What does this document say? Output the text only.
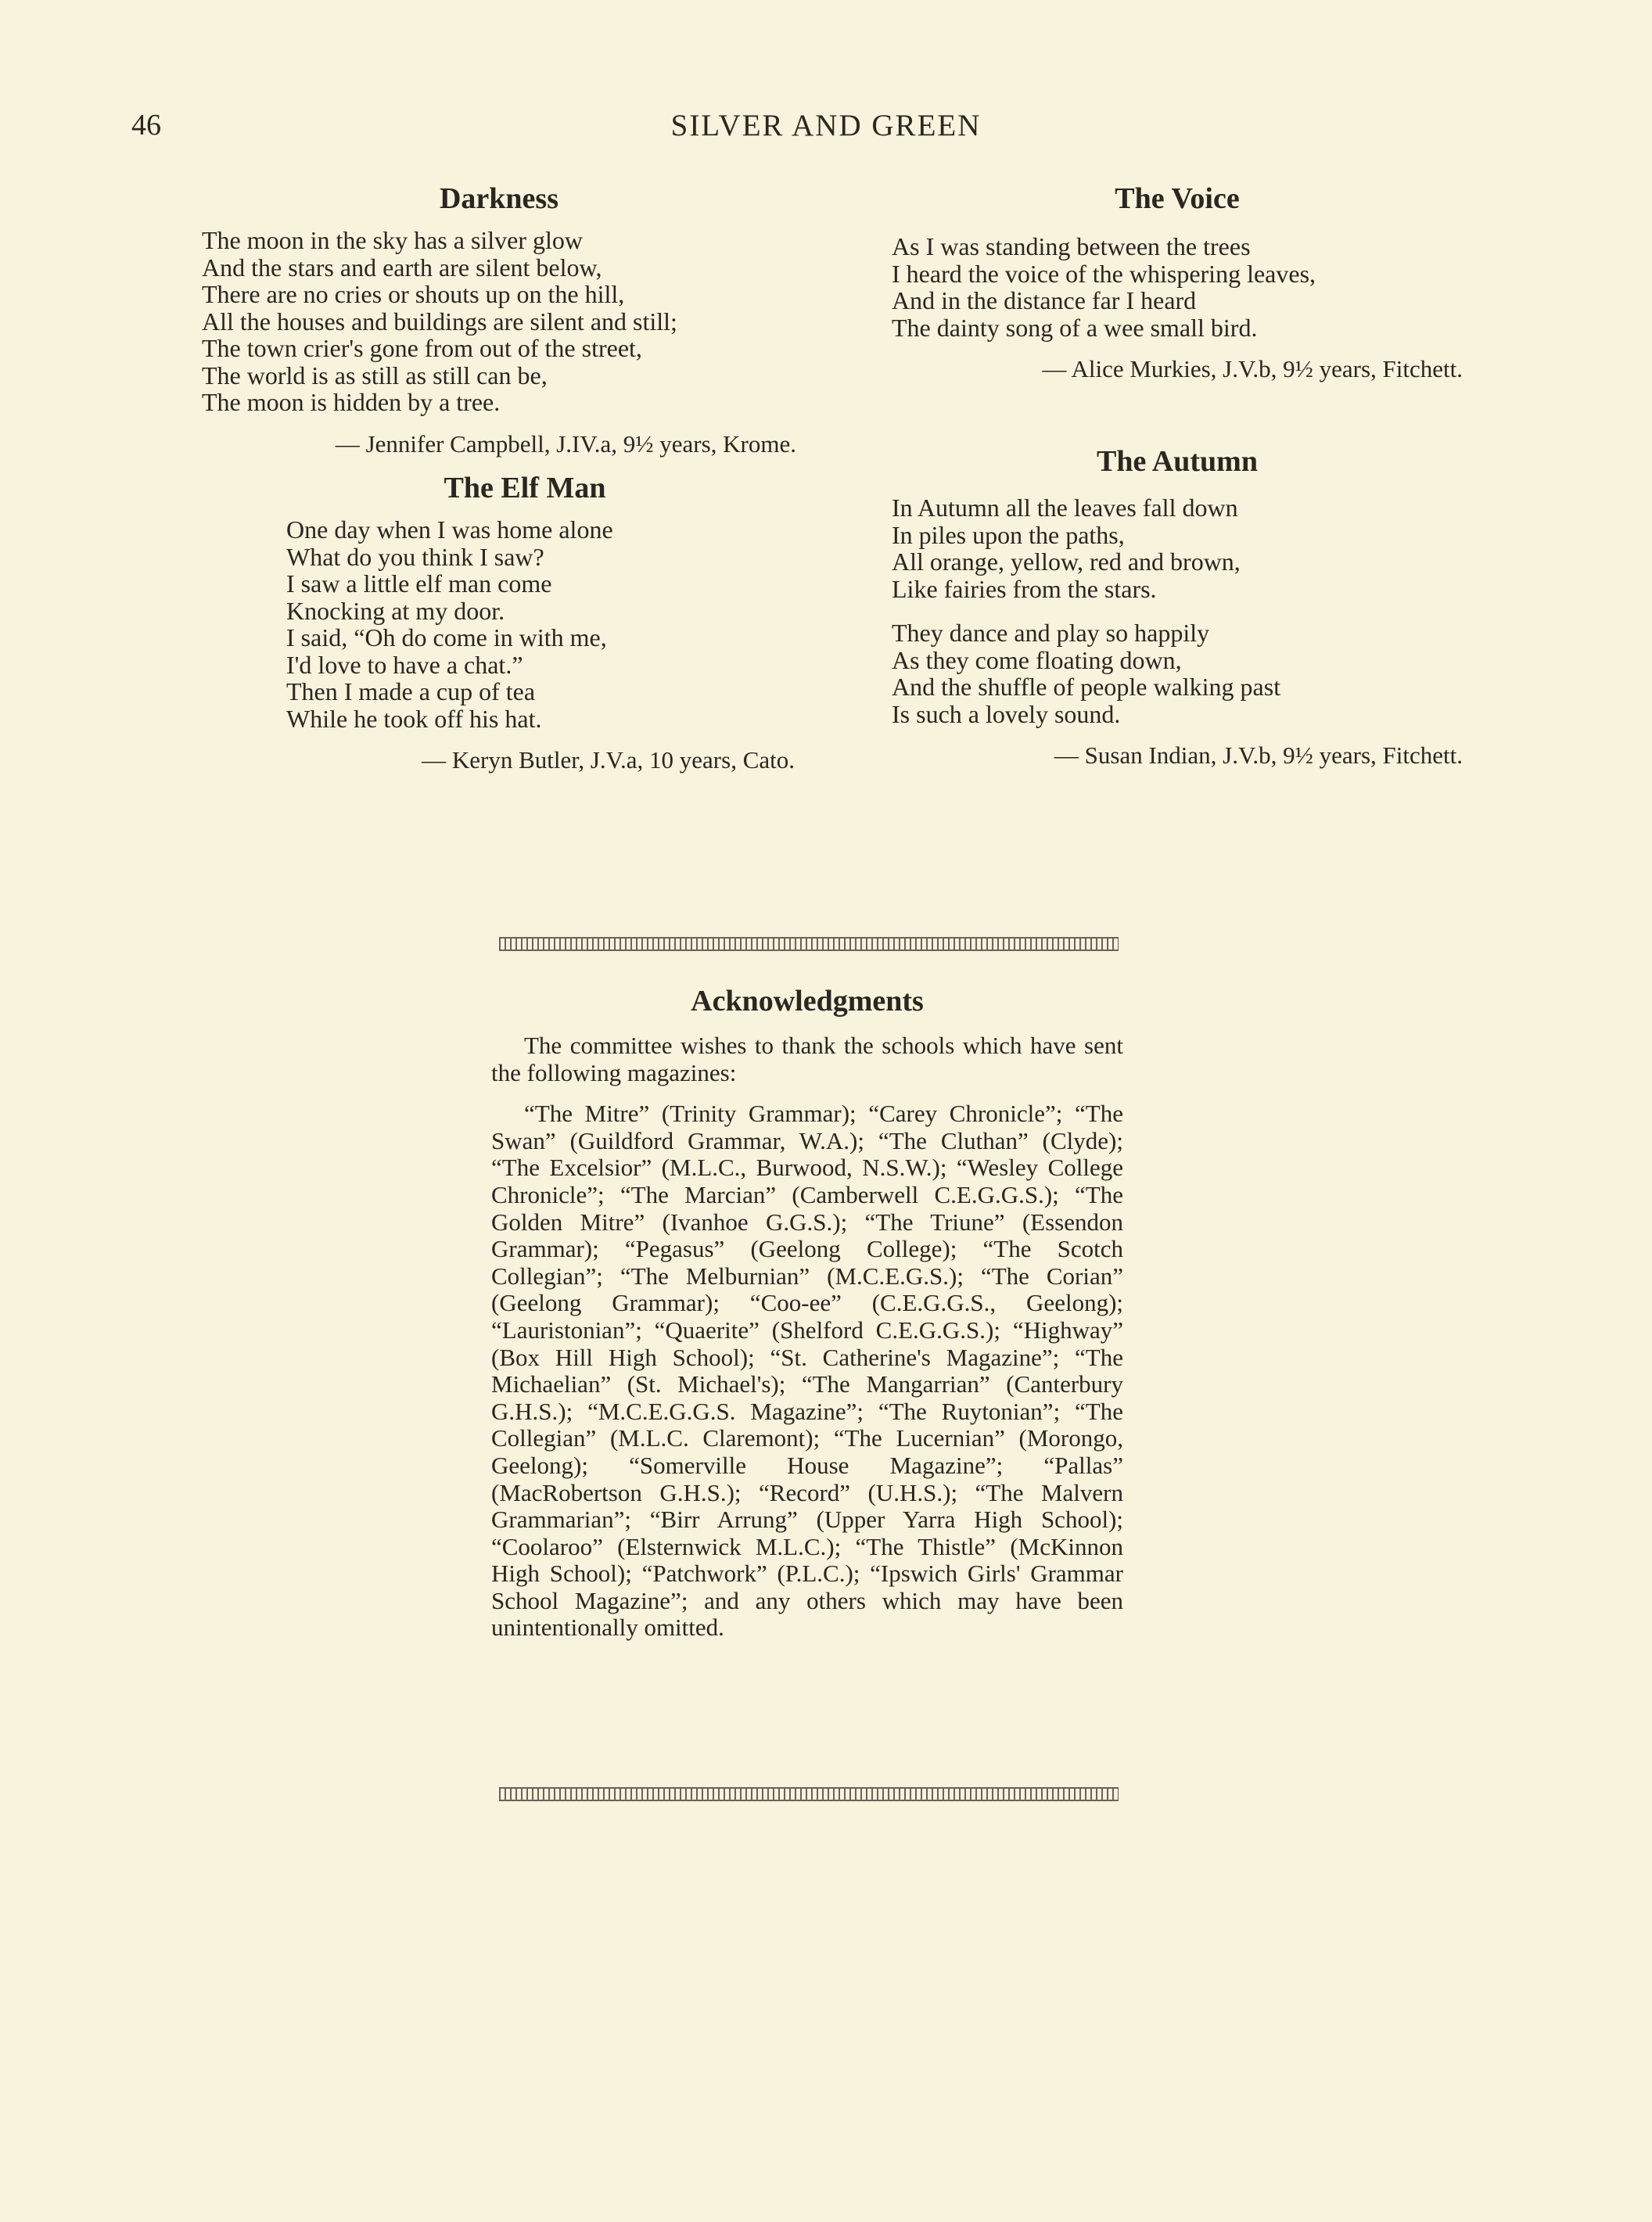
46	SILVER AND GREEN
Darkness
The moon in the sky has a silver glow
And the stars and earth are silent below,
There are no cries or shouts up on the hill,
All the houses and buildings are silent and still;
The town crier's gone from out of the street,
The world is as still as still can be,
The moon is hidden by a tree.
— Jennifer Campbell, J.IV.a, 9½ years, Krome.
The Elf Man
One day when I was home alone
What do you think I saw?
I saw a little elf man come
Knocking at my door.
I said, “Oh do come in with me,
I'd love to have a chat.”
Then I made a cup of tea
While he took off his hat.
— Keryn Butler, J.V.a, 10 years, Cato.
The Voice
As I was standing between the trees
I heard the voice of the whispering leaves,
And in the distance far I heard
The dainty song of a wee small bird.
— Alice Murkies, J.V.b, 9½ years, Fitchett.
The Autumn
In Autumn all the leaves fall down
In piles upon the paths,
All orange, yellow, red and brown,
Like fairies from the stars.
They dance and play so happily
As they come floating down,
And the shuffle of people walking past
Is such a lovely sound.
— Susan Indian, J.V.b, 9½ years, Fitchett.
Acknowledgments

The committee wishes to thank the schools which have sent the following magazines:

“The Mitre” (Trinity Grammar); “Carey Chronicle”; “The Swan” (Guildford Grammar, W.A.); “The Cluthan” (Clyde); “The Excelsior” (M.L.C., Burwood, N.S.W.); “Wesley College Chronicle”; “The Marcian” (Camberwell C.E.G.G.S.); “The Golden Mitre” (Ivanhoe G.G.S.); “The Triune” (Essendon Grammar); “Pegasus” (Geelong College); “The Scotch Collegian”; “The Melburnian” (M.C.E.G.S.); “The Corian” (Geelong Grammar); “Coo-ee” (C.E.G.G.S., Geelong); “Lauristonian”; “Quaerite” (Shelford C.E.G.G.S.); “Highway” (Box Hill High School); “St. Catherine's Magazine”; “The Michaelian” (St. Michael's); “The Mangarrian” (Canterbury G.H.S.); “M.C.E.G.G.S. Magazine”; “The Ruytonian”; “The Collegian” (M.L.C. Claremont); “The Lucernian” (Morongo, Geelong); “Somerville House Magazine”; “Pallas” (MacRobertson G.H.S.); “Record” (U.H.S.); “The Malvern Grammarian”; “Birr Arrung” (Upper Yarra High School); “Coolaroo” (Elsternwick M.L.C.); “The Thistle” (McKinnon High School); “Patchwork” (P.L.C.); “Ipswich Girls' Grammar School Magazine”; and any others which may have been unintentionally omitted.
